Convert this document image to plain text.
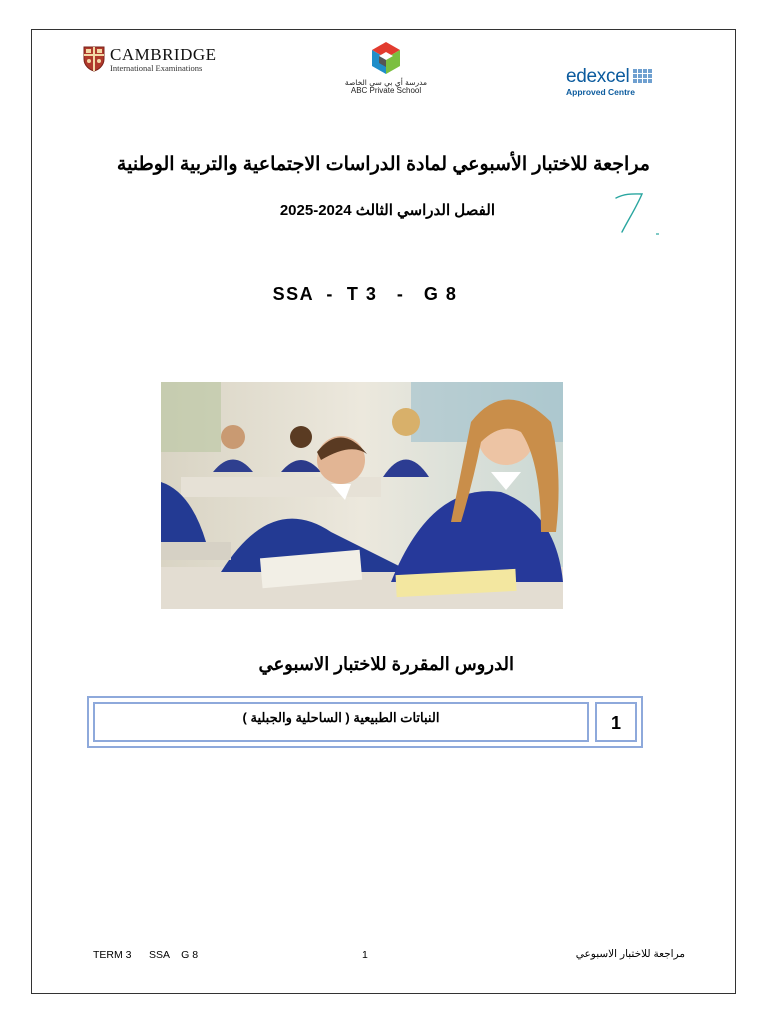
CAMBRIDGE
International Examinations
مدرسة أي بي سي الخاصة
ABC Private School
edexcel
Approved Centre
مراجعة للاختبار الأسبوعي لمادة الدراسات الاجتماعية والتربية الوطنية
الفصل الدراسي الثالث 2024-2025
7
SSA  -  T 3   -   G 8
الدروس المقررة للاختبار الاسبوعي
النباتات الطبيعية ( الساحلية والجبلية )	1
TERM 3      SSA    G 8	1	مراجعة للاختبار الاسبوعي
